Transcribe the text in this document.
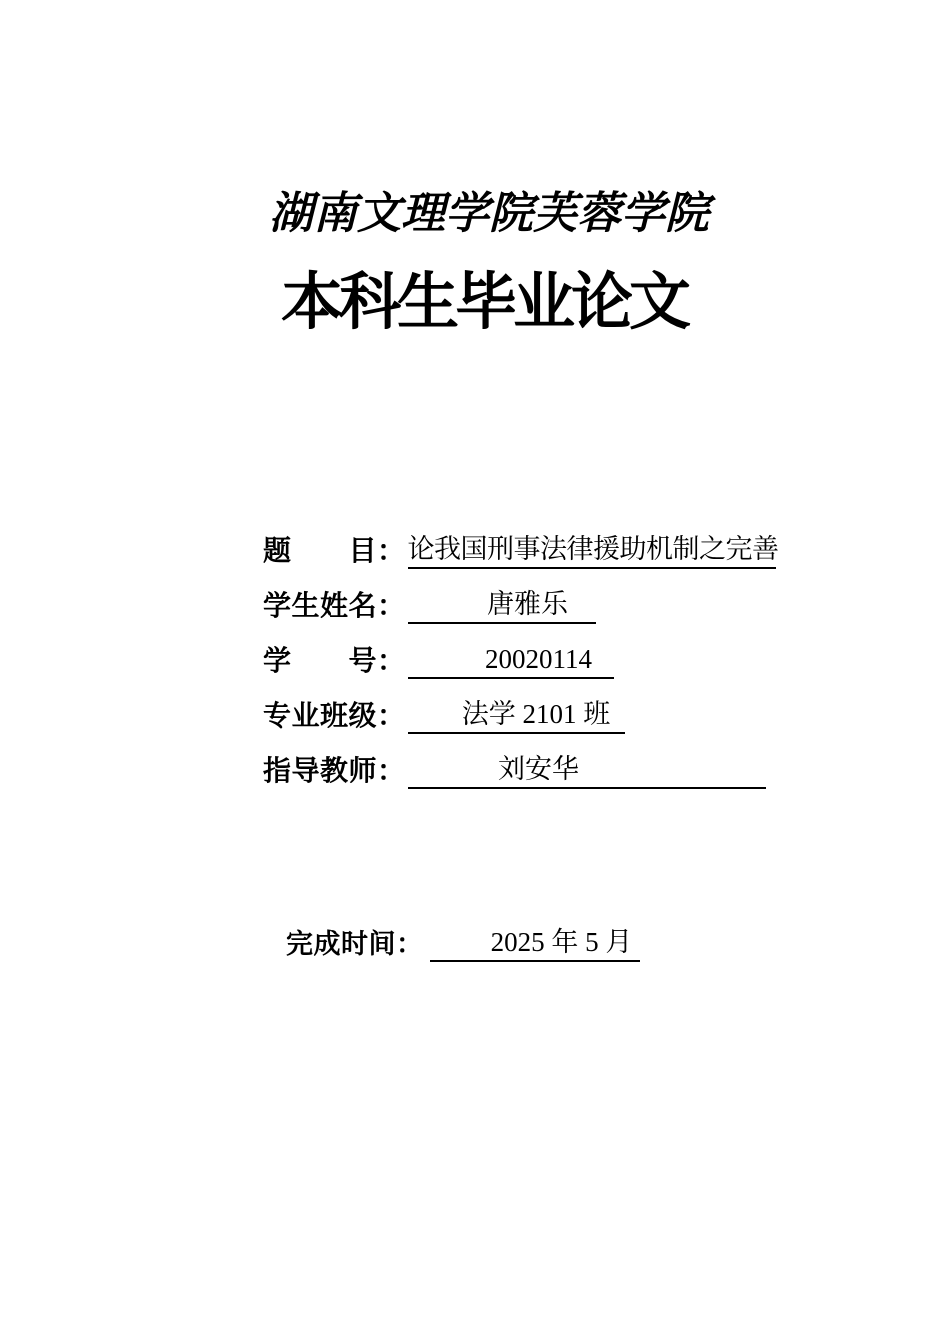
湖南文理学院芙蓉学院
本科生毕业论文
题　　目： 论我国刑事法律援助机制之完善
学生姓名：	唐雅乐
学　　号：	20020114
专业班级：	法学 2101 班
指导教师：	刘安华
完成时间：	2025 年 5 月
